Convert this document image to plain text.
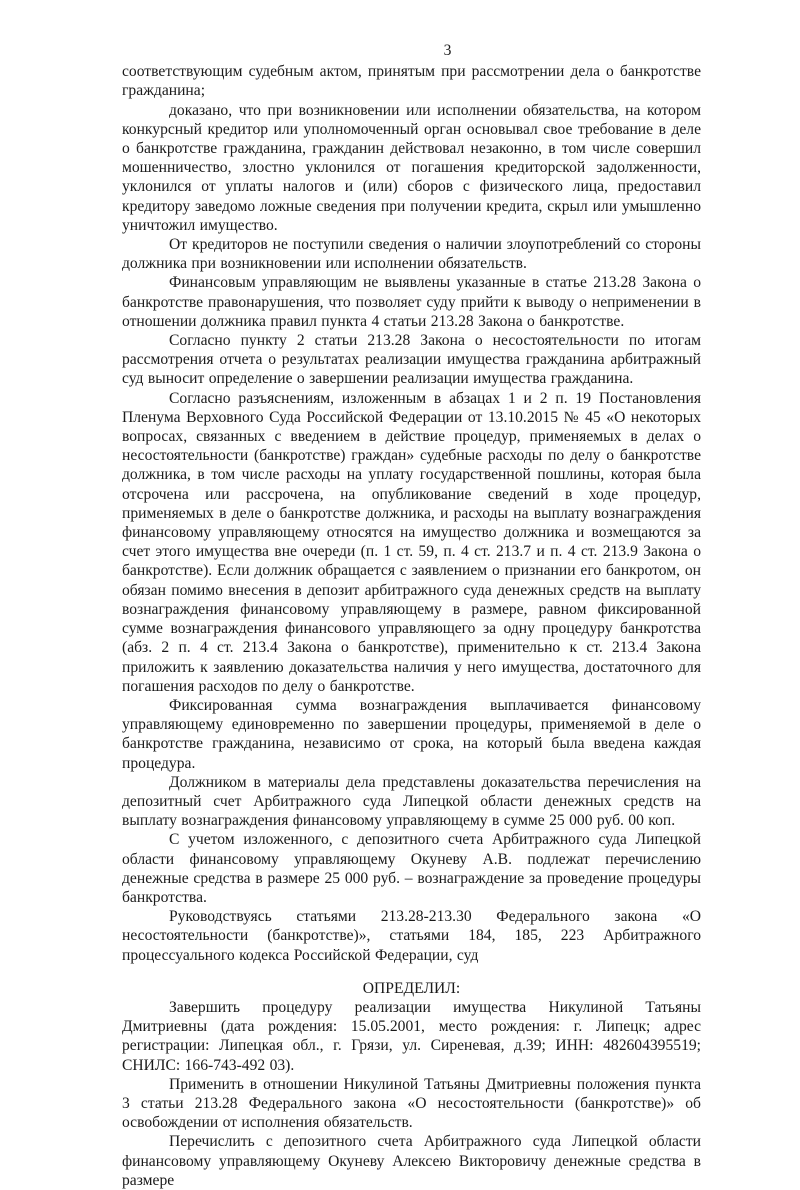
3

соответствующим судебным актом, принятым при рассмотрении дела о банкротстве гражданина;

доказано, что при возникновении или исполнении обязательства, на котором конкурсный кредитор или уполномоченный орган основывал свое требование в деле о банкротстве гражданина, гражданин действовал незаконно, в том числе совершил мошенничество, злостно уклонился от погашения кредиторской задолженности, уклонился от уплаты налогов и (или) сборов с физического лица, предоставил кредитору заведомо ложные сведения при получении кредита, скрыл или умышленно уничтожил имущество.

От кредиторов не поступили сведения о наличии злоупотреблений со стороны должника при возникновении или исполнении обязательств.

Финансовым управляющим не выявлены указанные в статье 213.28 Закона о банкротстве правонарушения, что позволяет суду прийти к выводу о неприменении в отношении должника правил пункта 4 статьи 213.28 Закона о банкротстве.

Согласно пункту 2 статьи 213.28 Закона о несостоятельности по итогам рассмотрения отчета о результатах реализации имущества гражданина арбитражный суд выносит определение о завершении реализации имущества гражданина.

Согласно разъяснениям, изложенным в абзацах 1 и 2 п. 19 Постановления Пленума Верховного Суда Российской Федерации от 13.10.2015 № 45 «О некоторых вопросах, связанных с введением в действие процедур, применяемых в делах о несостоятельности (банкротстве) граждан» судебные расходы по делу о банкротстве должника, в том числе расходы на уплату государственной пошлины, которая была отсрочена или рассрочена, на опубликование сведений в ходе процедур, применяемых в деле о банкротстве должника, и расходы на выплату вознаграждения финансовому управляющему относятся на имущество должника и возмещаются за счет этого имущества вне очереди (п. 1 ст. 59, п. 4 ст. 213.7 и п. 4 ст. 213.9 Закона о банкротстве). Если должник обращается с заявлением о признании его банкротом, он обязан помимо внесения в депозит арбитражного суда денежных средств на выплату вознаграждения финансовому управляющему в размере, равном фиксированной сумме вознаграждения финансового управляющего за одну процедуру банкротства (абз. 2 п. 4 ст. 213.4 Закона о банкротстве), применительно к ст. 213.4 Закона приложить к заявлению доказательства наличия у него имущества, достаточного для погашения расходов по делу о банкротстве.

Фиксированная сумма вознаграждения выплачивается финансовому управляющему единовременно по завершении процедуры, применяемой в деле о банкротстве гражданина, независимо от срока, на который была введена каждая процедура.

Должником в материалы дела представлены доказательства перечисления на депозитный счет Арбитражного суда Липецкой области денежных средств на выплату вознаграждения финансовому управляющему в сумме 25 000 руб. 00 коп.

С учетом изложенного, с депозитного счета Арбитражного суда Липецкой области финансовому управляющему Окуневу А.В. подлежат перечислению денежные средства в размере 25 000 руб. – вознаграждение за проведение процедуры банкротства.

Руководствуясь статьями 213.28-213.30 Федерального закона «О несостоятельности (банкротстве)», статьями 184, 185, 223 Арбитражного процессуального кодекса Российской Федерации, суд

ОПРЕДЕЛИЛ:

Завершить процедуру реализации имущества Никулиной Татьяны Дмитриевны (дата рождения: 15.05.2001, место рождения: г. Липецк; адрес регистрации: Липецкая обл., г. Грязи, ул. Сиреневая, д.39; ИНН: 482604395519; СНИЛС: 166-743-492 03).

Применить в отношении Никулиной Татьяны Дмитриевны положения пункта 3 статьи 213.28 Федерального закона «О несостоятельности (банкротстве)» об освобождении от исполнения обязательств.

Перечислить с депозитного счета Арбитражного суда Липецкой области финансовому управляющему Окуневу Алексею Викторовичу денежные средства в размере
